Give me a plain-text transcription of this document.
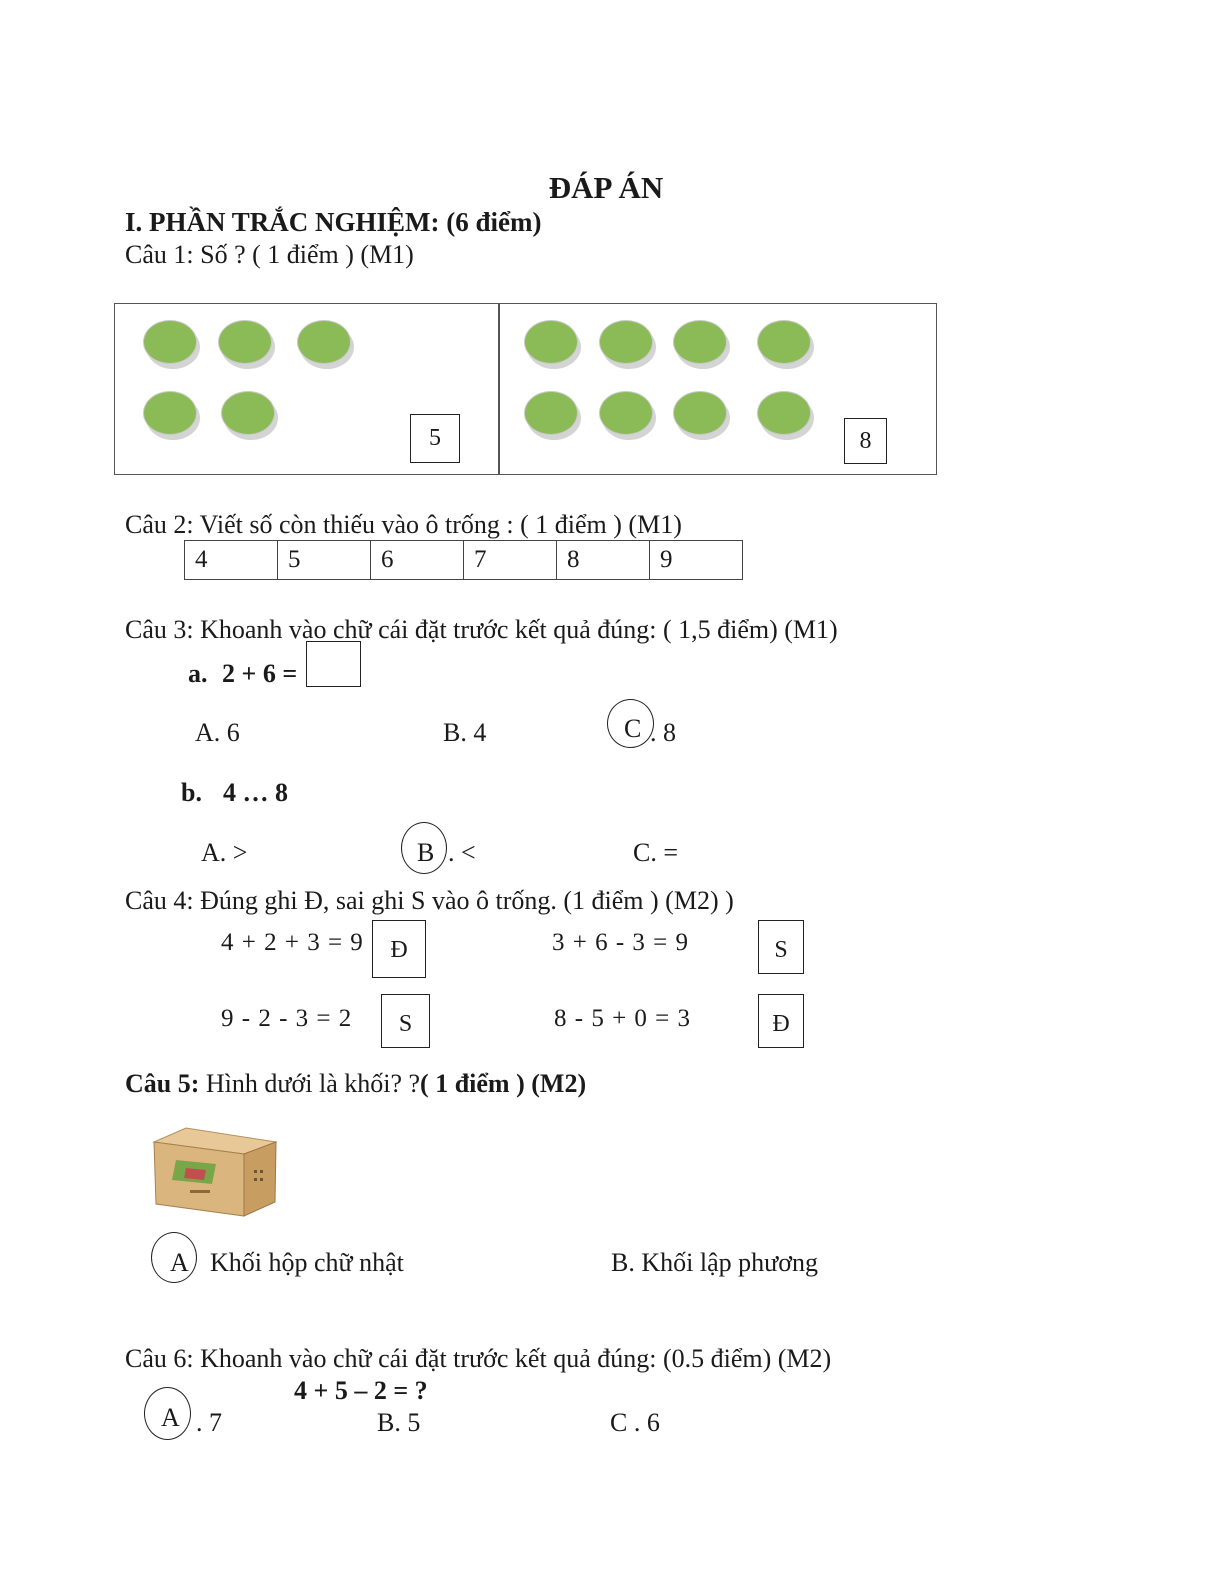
ĐÁP ÁN
I. PHẦN TRẮC NGHIỆM: (6 điểm)
Câu 1: Số ? ( 1 điểm ) (M1)
5	8
Câu 2: Viết số còn thiếu vào ô trống : ( 1 điểm ) (M1)
4	5	6	7	8	9
Câu 3: Khoanh vào chữ cái đặt trước kết quả đúng: ( 1,5 điểm) (M1)
a. 2 + 6 =
A. 6	B. 4	C . 8
b. 4 … 8
A. >	B . <	C. =
Câu 4: Đúng ghi Đ, sai ghi S vào ô trống. (1 điểm ) (M2) )
4 + 2 + 3 = 9	Đ	3 + 6 - 3 = 9	S
9 - 2 - 3 = 2	S	8 - 5 + 0 = 3	Đ
Câu 5: Hình dưới là khối? ?( 1 điểm ) (M2)
A Khối hộp chữ nhật	B. Khối lập phương
Câu 6: Khoanh vào chữ cái đặt trước kết quả đúng: (0.5 điểm) (M2)
4 + 5 – 2 = ?
A . 7	B. 5	C . 6
